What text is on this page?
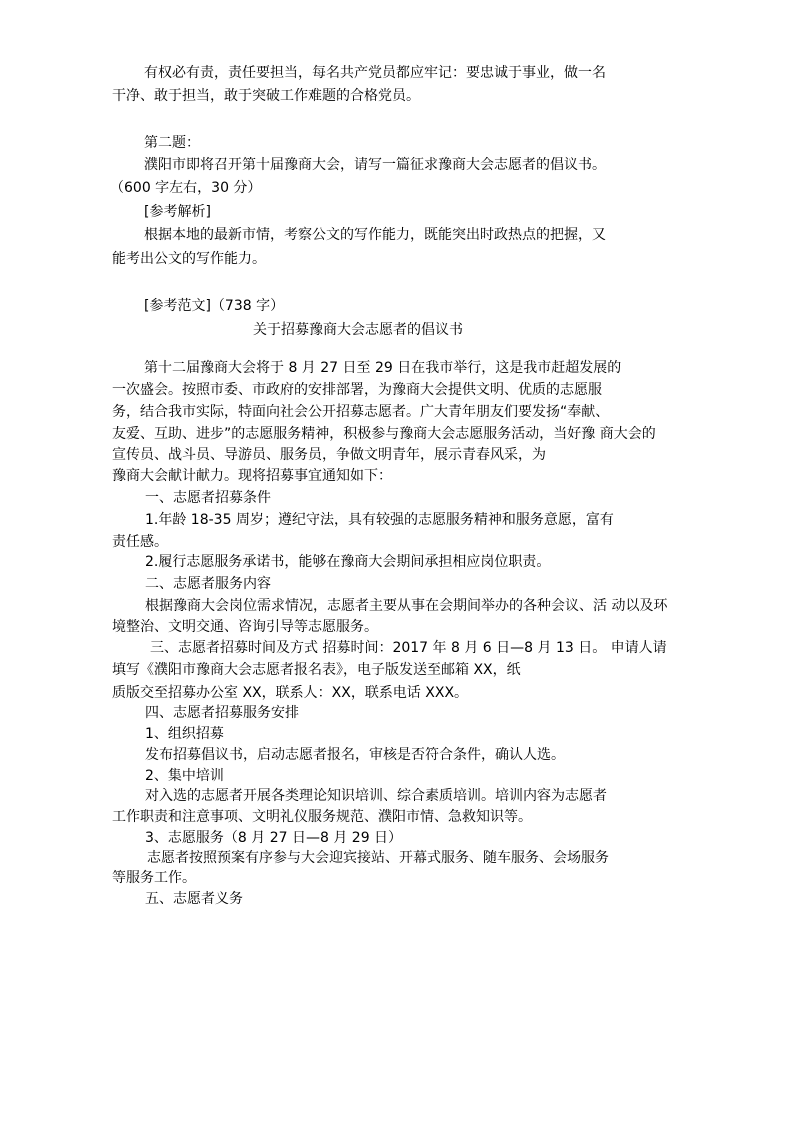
有权必有责，责任要担当，每名共产党员都应牢记：要忠诚于事业，做一名
干净、敢于担当，敢于突破工作难题的合格党员。
第二题：
濮阳市即将召开第十届豫商大会，请写一篇征求豫商大会志愿者的倡议书。
（600 字左右，30 分）
[参考解析]
根据本地的最新市情，考察公文的写作能力，既能突出时政热点的把握，又
能考出公文的写作能力。
[参考范文]（738 字）
关于招募豫商大会志愿者的倡议书
第十二届豫商大会将于 8 月 27 日至 29 日在我市举行，这是我市赶超发展的
一次盛会。按照市委、市政府的安排部署，为豫商大会提供文明、优质的志愿服
务，结合我市实际，特面向社会公开招募志愿者。广大青年朋友们要发扬“奉献、
友爱、互助、进步”的志愿服务精神，积极参与豫商大会志愿服务活动，当好豫 商大会的
宣传员、战斗员、导游员、服务员，争做文明青年，展示青春风采，为
豫商大会献计献力。现将招募事宜通知如下：
一、志愿者招募条件
1.年龄 18-35 周岁；遵纪守法，具有较强的志愿服务精神和服务意愿，富有
责任感。
2.履行志愿服务承诺书，能够在豫商大会期间承担相应岗位职责。
二、志愿者服务内容
根据豫商大会岗位需求情况，志愿者主要从事在会期间举办的各种会议、活 动以及环
境整治、文明交通、咨询引导等志愿服务。
三、志愿者招募时间及方式 招募时间：2017 年 8 月 6 日—8 月 13 日。 申请人请
填写《濮阳市豫商大会志愿者报名表》，电子版发送至邮箱 XX，纸
质版交至招募办公室 XX，联系人：XX，联系电话 XXX。
四、志愿者招募服务安排
1、组织招募
发布招募倡议书，启动志愿者报名，审核是否符合条件，确认人选。
2、集中培训
对入选的志愿者开展各类理论知识培训、综合素质培训。培训内容为志愿者
工作职责和注意事项、文明礼仪服务规范、濮阳市情、急救知识等。
3、志愿服务（8 月 27 日—8 月 29 日）
志愿者按照预案有序参与大会迎宾接站、开幕式服务、随车服务、会场服务
等服务工作。
五、志愿者义务
